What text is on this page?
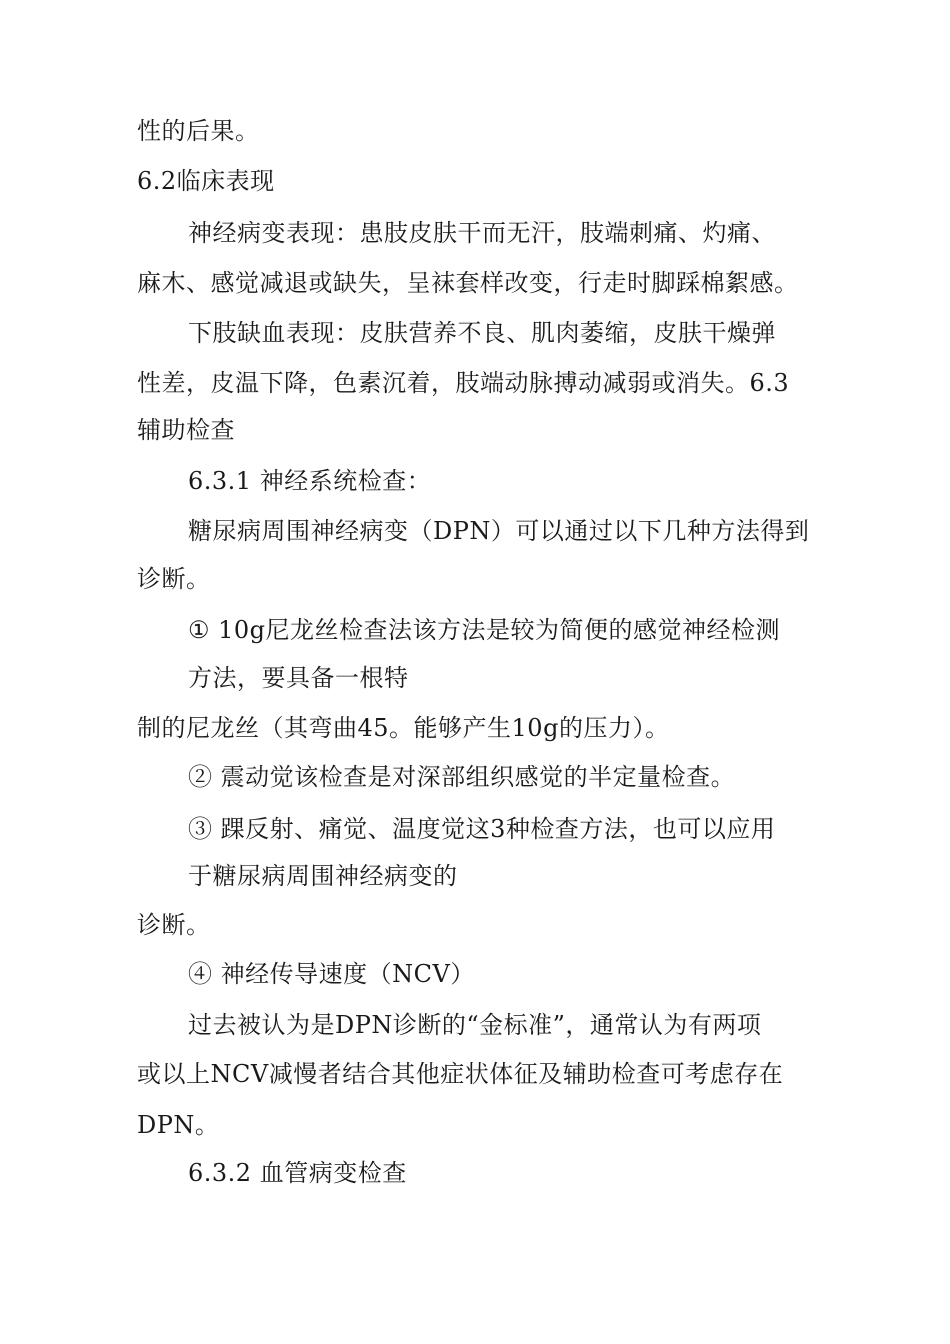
性的后果。
6.2临床表现
神经病变表现：患肢皮肤干而无汗，肢端刺痛、灼痛、
麻木、感觉减退或缺失，呈袜套样改变，行走时脚踩棉絮感。
下肢缺血表现：皮肤营养不良、肌肉萎缩，皮肤干燥弹
性差，皮温下降，色素沉着，肢端动脉搏动减弱或消失。6.3
辅助检查
6.3.1 神经系统检查：
糖尿病周围神经病变（DPN）可以通过以下几种方法得到
诊断。
① 10g尼龙丝检查法该方法是较为简便的感觉神经检测
方法，要具备一根特
制的尼龙丝（其弯曲45。能够产生10g的压力）。
② 震动觉该检查是对深部组织感觉的半定量检查。
③ 踝反射、痛觉、温度觉这3种检查方法，也可以应用
于糖尿病周围神经病变的
诊断。
④ 神经传导速度（NCV）
过去被认为是DPN诊断的“金标准”，通常认为有两项
或以上NCV减慢者结合其他症状体征及辅助检查可考虑存在
DPN。
6.3.2 血管病变检查
